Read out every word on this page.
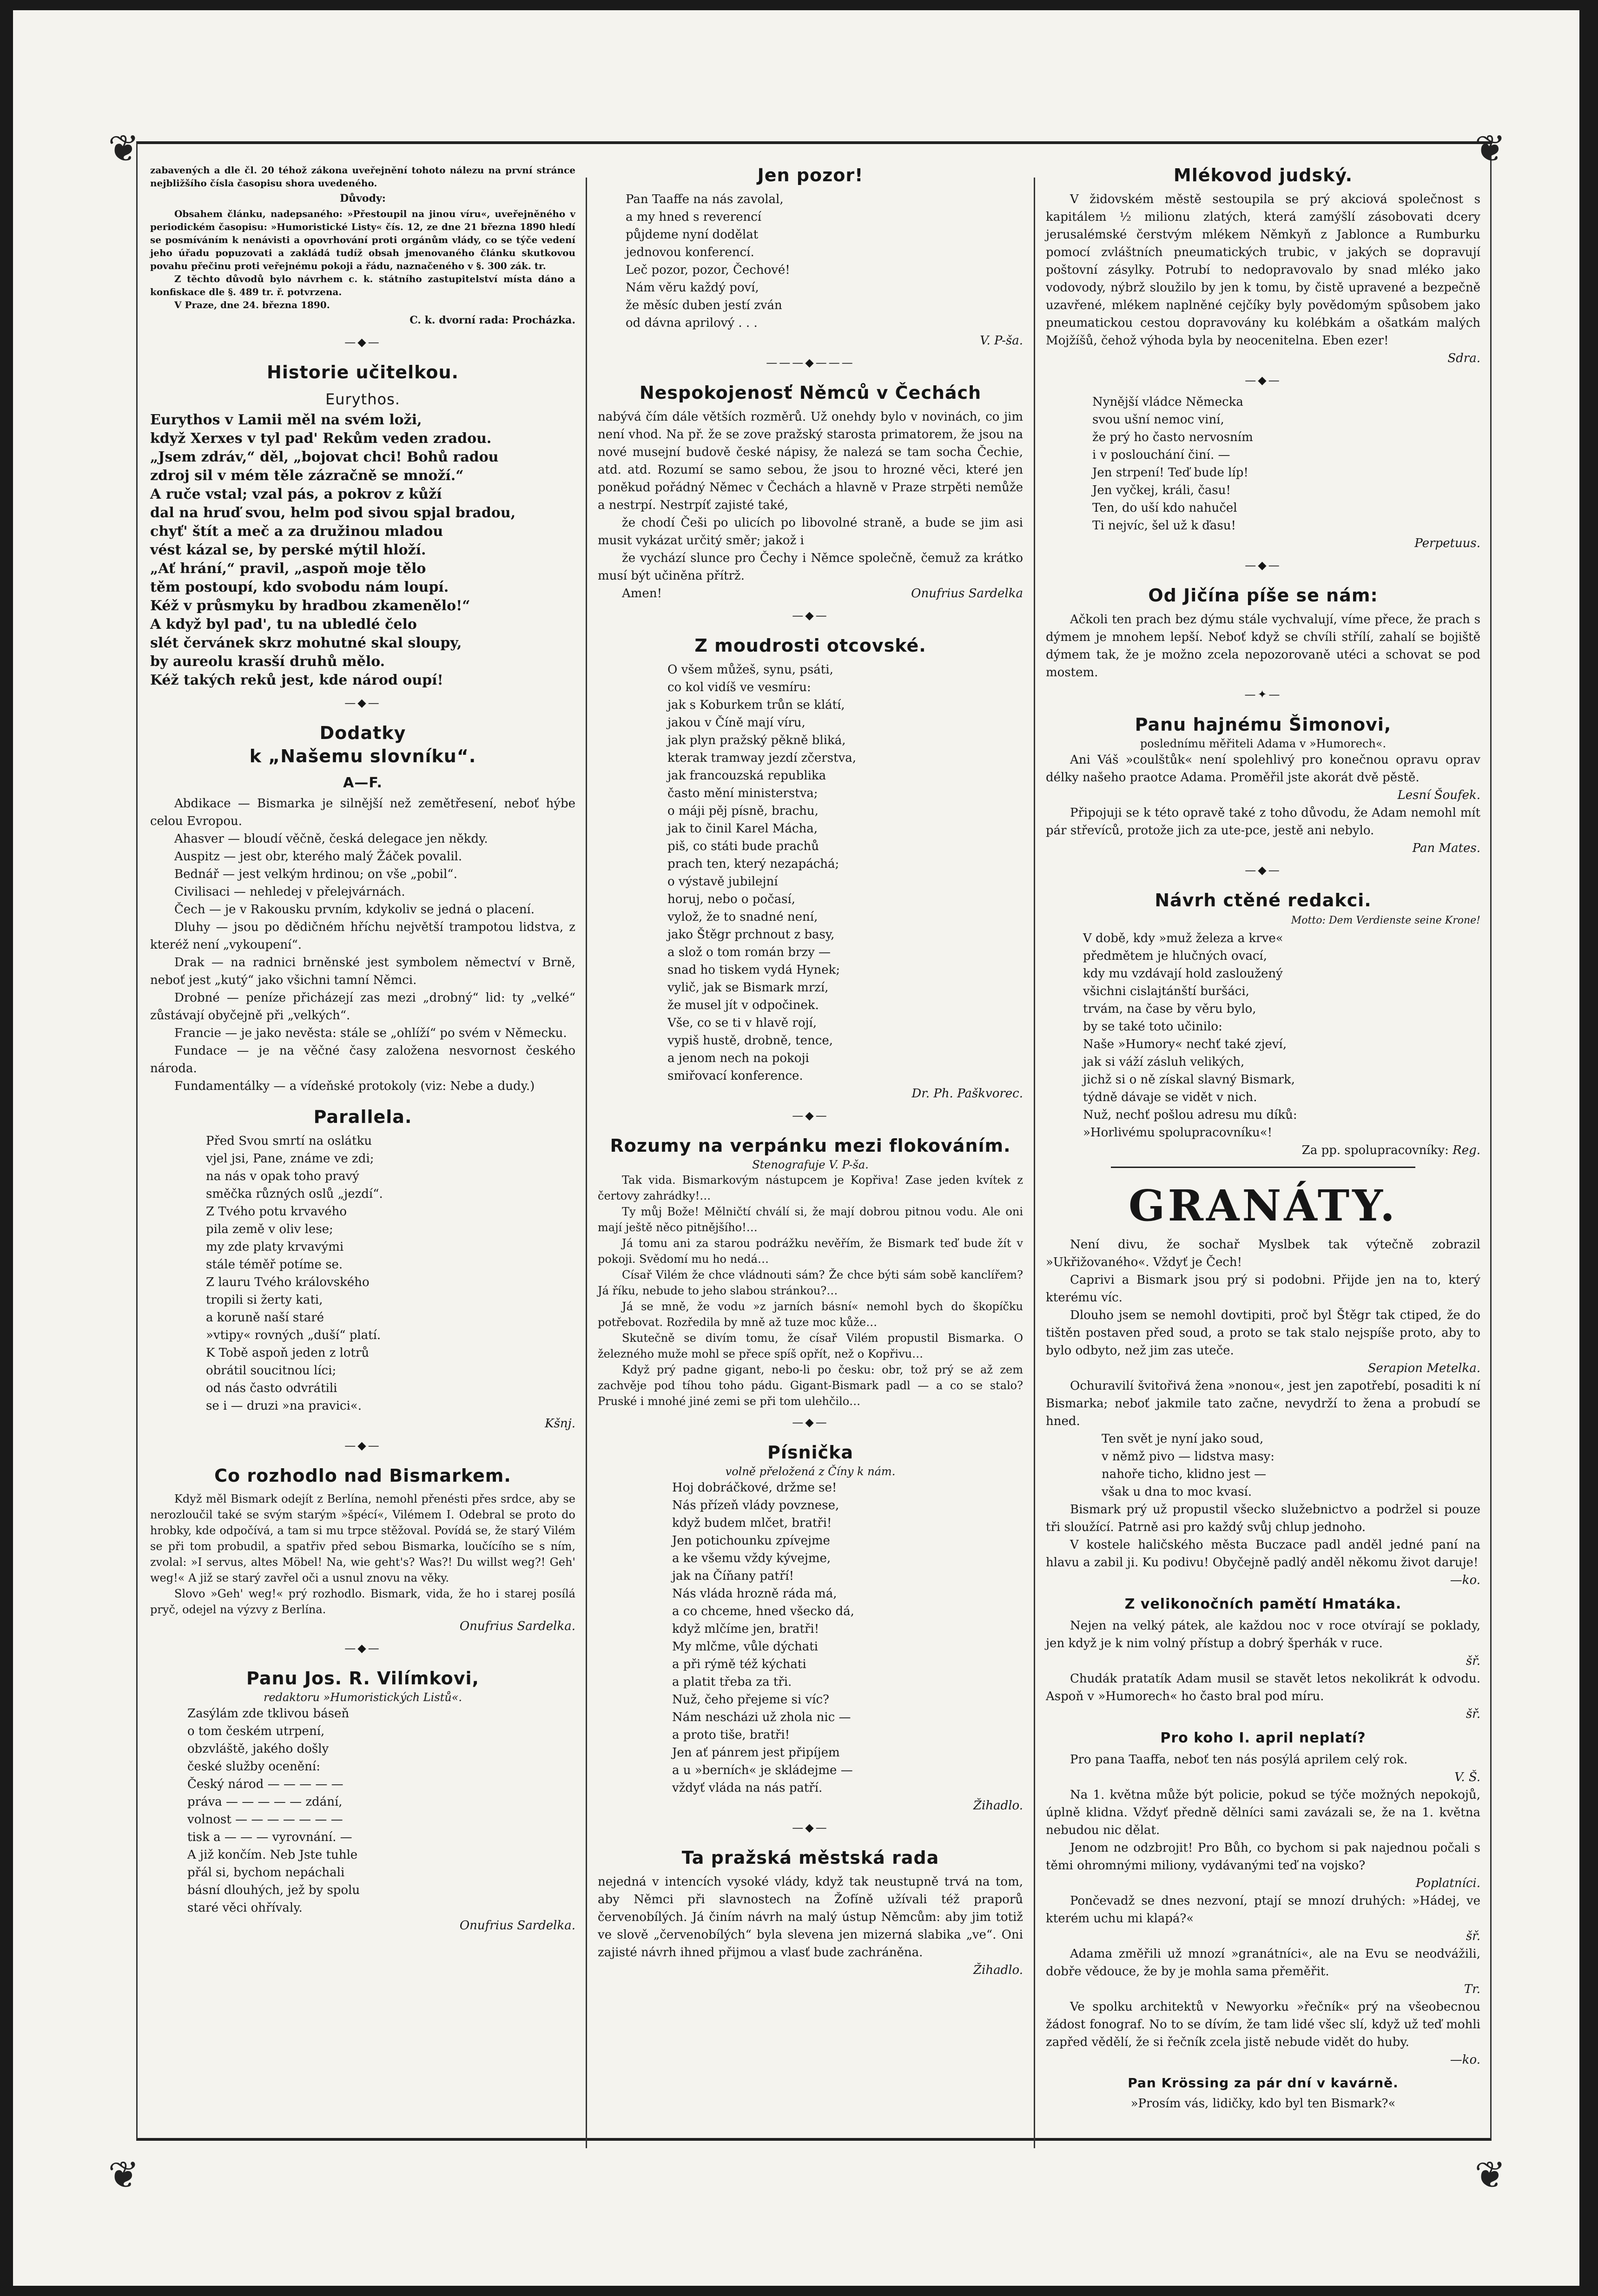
❦	❦
❦	❦

zabavených a dle čl. 20 téhož zákona uveřejnění tohoto nálezu na první stránce nejbližšího čísla časopisu shora uvedeného.

Důvody:

Obsahem článku, nadepsaného: »Přestoupil na jinou víru«, uveřejněného v periodickém časopisu: »Humoristické Listy« čís. 12, ze dne 21 března 1890 hledí se posmíváním k nenávisti a opovrhování proti orgánům vlády, co se týče vedení jeho úřadu popuzovati a zakládá tudíž obsah jmenovaného článku skutkovou povahu přečinu proti veřejnému pokoji a řádu, naznačeného v §. 300 zák. tr.

Z těchto důvodů bylo návrhem c. k. státního zastupitelství místa dáno a konfiskace dle §. 489 tr. ř. potvrzena.

V Praze, dne 24. března 1890.

C. k. dvorní rada: Procházka.
—◆—
Historie učitelkou.
Eurythos.
Eurythos v Lamii měl na svém loži,
když Xerxes v tyl pad' Rekům veden zradou.
„Jsem zdráv,“ děl, „bojovat chci! Bohů radou
zdroj sil v mém těle zázračně se množí.“
A ruče vstal; vzal pás, a pokrov z kůží
dal na hruď svou, helm pod sivou spjal bradou,
chyť' štít a meč a za družinou mladou
vést kázal se, by perské mýtil hloží.
„Ať hrání,“ pravil, „aspoň moje tělo
těm postoupí, kdo svobodu nám loupí.
Kéž v průsmyku by hradbou zkamenělo!“
A když byl pad', tu na ubledlé čelo
slét červánek skrz mohutné skal sloupy,
by aureolu krasší druhů mělo.
Kéž takých reků jest, kde národ oupí!
—◆—
Dodatky
k „Našemu slovníku“.
A—F.

Abdikace — Bismarka je silnější než zemětřesení, neboť hýbe celou Evropou.

Ahasver — bloudí věčně, česká delegace jen někdy.

Auspitz — jest obr, kterého malý Žáček povalil.

Bednář — jest velkým hrdinou; on vše „pobil“.

Civilisaci — nehledej v přelejvárnách.

Čech — je v Rakousku prvním, kdykoliv se jedná o placení.

Dluhy — jsou po dědičném hříchu největší trampotou lidstva, z kteréž není „vykoupení“.

Drak — na radnici brněnské jest symbolem němectví v Brně, neboť jest „kutý“ jako všichni tamní Němci.

Drobné — peníze přicházejí zas mezi „drobný“ lid: ty „velké“ zůstávají obyčejně při „velkých“.

Francie — je jako nevěsta: stále se „ohlíží“ po svém v Německu.

Fundace — je na věčné časy založena nesvornost českého národa.

Fundamentálky — a vídeňské protokoly (viz: Nebe a dudy.)

Parallela.
Před Svou smrtí na oslátku
vjel jsi, Pane, známe ve zdi;
na nás v opak toho pravý
směčka různých oslů „jezdí“.
Z Tvého potu krvavého
pila země v oliv lese;
my zde platy krvavými
stále téměř potíme se.
Z lauru Tvého královského
tropili si žerty kati,
a koruně naší staré
»vtipy« rovných „duší“ platí.
K Tobě aspoň jeden z lotrů
obrátil soucitnou líci;
od nás často odvrátili
se i — druzi »na pravici«.
Kšnj.
—◆—
Co rozhodlo nad Bismarkem.

Když měl Bismark odejít z Berlína, nemohl přenésti přes srdce, aby se nerozloučil také se svým starým »špécí«, Vilémem I. Odebral se proto do hrobky, kde odpočívá, a tam si mu trpce stěžoval. Povídá se, že starý Vilém se při tom probudil, a spatřiv před sebou Bismarka, loučícího se s ním, zvolal: »I servus, altes Möbel! Na, wie geht's? Was?! Du willst weg?! Geh' weg!« A již se starý zavřel oči a usnul znovu na věky.

Slovo »Geh' weg!« prý rozhodlo. Bismark, vida, že ho i starej posílá pryč, odejel na výzvy z Berlína.

Onufrius Sardelka.
—◆—
Panu Jos. R. Vilímkovi,
redaktoru »Humoristických Listů«.
Zasýlám zde tklivou báseň
o tom českém utrpení,
obzvláště, jakého došly
české služby ocenění:
Český národ — — — — —
práva — — — — — zdání,
volnost — — — — — — —
tisk a — — — vyrovnání. —
A již končím. Neb Jste tuhle
přál si, bychom nepáchali
básní dlouhých, jež by spolu
staré věci ohřívaly.
Onufrius Sardelka.
Jen pozor!
Pan Taaffe na nás zavolal,
a my hned s reverencí
půjdeme nyní dodělat
jednovou konferencí.
Leč pozor, pozor, Čechové!
Nám věru každý poví,
že měsíc duben jestí zván
od dávna aprilový . . .
V. P-ša.
———◆———
Nespokojenosť Němců v Čechách

nabývá čím dále větších rozměrů. Už onehdy bylo v novinách, co jim není vhod. Na př. že se zove pražský starosta primatorem, že jsou na nové musejní budově české nápisy, že nalezá se tam socha Čechie, atd. atd. Rozumí se samo sebou, že jsou to hrozné věci, které jen poněkud pořádný Němec v Čechách a hlavně v Praze strpěti nemůže a nestrpí. Nestrpíť zajisté také,

že chodí Češi po ulicích po libovolné straně, a bude se jim asi musit vykázat určitý směr; jakož i

že vychází slunce pro Čechy i Němce společně, čemuž za krátko musí být učiněna přítrž.

Amen!	Onufrius Sardelka
—◆—
Z moudrosti otcovské.
O všem můžeš, synu, psáti,
co kol vidíš ve vesmíru:
jak s Koburkem trůn se klátí,
jakou v Číně mají víru,
jak plyn pražský pěkně bliká,
kterak tramway jezdí zčerstva,
jak francouzská republika
často mění ministerstva;
o máji pěj písně, brachu,
jak to činil Karel Mácha,
piš, co státi bude prachů
prach ten, který nezapáchá;
o výstavě jubilejní
horuj, nebo o počasí,
vylož, že to snadné není,
jako Štěgr prchnout z basy,
a slož o tom román brzy —
snad ho tiskem vydá Hynek;
vylič, jak se Bismark mrzí,
že musel jít v odpočinek.
Vše, co se ti v hlavě rojí,
vypiš hustě, drobně, tence,
a jenom nech na pokoji
smiřovací konference.
Dr. Ph. Paškvorec.
—◆—
Rozumy na verpánku mezi flokováním.
Stenografuje V. P-ša.

Tak vida. Bismarkovým nástupcem je Kopřiva! Zase jeden kvítek z čertovy zahrádky!…

Ty můj Bože! Mělničtí chválí si, že mají dobrou pitnou vodu. Ale oni mají ještě něco pitnějšího!…

Já tomu ani za starou podrážku nevěřím, že Bismark teď bude žít v pokoji. Svědomí mu ho nedá…

Císař Vilém že chce vládnouti sám? Že chce býti sám sobě kanclířem? Já říku, nebude to jeho slabou stránkou?…

Já se mně, že vodu »z jarních básní« nemohl bych do škopíčku potřebovat. Rozředila by mně až tuze moc kůže…

Skutečně se divím tomu, že císař Vilém propustil Bismarka. O železného muže mohl se přece spíš opřít, než o Kopřivu…

Když prý padne gigant, nebo-li po česku: obr, tož prý se až zem zachvěje pod tíhou toho pádu. Gigant-Bismark padl — a co se stalo? Pruské i mnohé jiné zemi se při tom ulehčilo…

—◆—
Písnička
volně přeložená z Číny k nám.
Hoj dobráčkové, držme se!
Nás přízeň vlády povznese,
když budem mlčet, bratři!
Jen potichounku zpívejme
a ke všemu vždy kývejme,
jak na Číňany patří!
Nás vláda hrozně ráda má,
a co chceme, hned všecko dá,
když mlčíme jen, bratři!
My mlčme, vůle dýchati
a při rýmě též kýchati
a platit třeba za tři.
Nuž, čeho přejeme si víc?
Nám nescházi už zhola nic —
a proto tiše, bratři!
Jen ať pánrem jest připíjem
a u »berních« je skládejme —
vždyť vláda na nás patří.
Žihadlo.
—◆—
Ta pražská městská rada

nejedná v intencích vysoké vlády, když tak neustupně trvá na tom, aby Němci při slavnostech na Žofíně užívali též praporů červenobílých. Já činím návrh na malý ústup Němcům: aby jim totiž ve slově „červenobílých“ byla slevena jen mizerná slabika „ve“. Oni zajisté návrh ihned přijmou a vlasť bude zachráněna.

Žihadlo.
Mlékovod judský.

V židovském městě sestoupila se prý akciová společnost s kapitálem ½ milionu zlatých, která zamýšlí zásobovati dcery jerusalémské čerstvým mlékem Němkyň z Jablonce a Rumburku pomocí zvláštních pneumatických trubic, v jakých se dopravují poštovní zásylky. Potrubí to nedopravovalo by snad mléko jako vodovody, nýbrž sloužilo by jen k tomu, by čistě upravené a bezpečně uzavřené, mlékem naplněné cejčíky byly povědomým spůsobem jako pneumatickou cestou dopravovány ku kolébkám a ošatkám malých Mojžíšů, čehož výhoda byla by neocenitelna. Eben ezer!

Sdra.
—◆—
Nynější vládce Německa
svou ušní nemoc viní,
že prý ho často nervosním
i v poslouchání činí. —
Jen strpení! Teď bude líp!
Jen vyčkej, králi, času!
Ten, do uší kdo nahučel
Ti nejvíc, šel už k ďasu!
Perpetuus.
—◆—
Od Jičína píše se nám:

Ačkoli ten prach bez dýmu stále vychvalují, víme přece, že prach s dýmem je mnohem lepší. Neboť když se chvíli střílí, zahalí se bojiště dýmem tak, že je možno zcela nepozorovaně utéci a schovat se pod mostem.

—✦—
Panu hajnému Šimonovi,
poslednímu měřiteli Adama v »Humorech«.

Ani Váš »coulštůk« není spolehlivý pro konečnou opravu oprav délky našeho praotce Adama. Proměřil jste akorát dvě pěstě.

Lesní Šoufek.

Připojuji se k této opravě také z toho důvodu, že Adam nemohl mít pár střevíců, protože jich za ute-pce, jestě ani nebylo.

Pan Mates.
—◆—
Návrh ctěné redakci.
Motto: Dem Verdienste seine Krone!
V době, kdy »muž železa a krve«
předmětem je hlučných ovací,
kdy mu vzdávají hold zasloužený
všichni cislajtánští buršáci,
trvám, na čase by věru bylo,
by se také toto učinilo:
Naše »Humory« nechť také zjeví,
jak si váží zásluh velikých,
jichž si o ně získal slavný Bismark,
týdně dávaje se vidět v nich.
Nuž, nechť pošlou adresu mu díků:
»Horlivému spolupracovníku«!
Za pp. spolupracovníky: Reg.
GRANÁTY.

Není divu, že sochař Myslbek tak výtečně zobrazil »Ukřižovaného«. Vždyť je Čech!

Caprivi a Bismark jsou prý si podobni. Přijde jen na to, který kterému víc.

Dlouho jsem se nemohl dovtipiti, proč byl Štěgr tak ctiped, že do tištěn postaven před soud, a proto se tak stalo nejspíše proto, aby to bylo odbyto, než jim zas uteče.

Serapion Metelka.

Ochuravilí švitořivá žena »nonou«, jest jen zapotřebí, posaditi k ní Bismarka; neboť jakmile tato začne, nevydrží to žena a probudí se hned.

Ten svět je nyní jako soud,
v němž pivo — lidstva masy:
nahoře ticho, klidno jest —
však u dna to moc kvasí.

Bismark prý už propustil všecko služebnictvo a podržel si pouze tři sloužící. Patrně asi pro každý svůj chlup jednoho.

V kostele haličského města Buczace padl anděl jedné paní na hlavu a zabil ji. Ku podivu! Obyčejně padlý anděl někomu život daruje!

—ko.
Z velikonočních pamětí Hmatáka.

Nejen na velký pátek, ale každou noc v roce otvírají se poklady, jen když je k nim volný přístup a dobrý šperhák v ruce.

šř.

Chudák pratatík Adam musil se stavět letos nekolikrát k odvodu. Aspoň v »Humorech« ho často bral pod míru.

šř.
Pro koho I. april neplatí?

Pro pana Taaffa, neboť ten nás posýlá aprilem celý rok.

V. Š.

Na 1. května může být policie, pokud se týče možných nepokojů, úplně klidna. Vždyť předně dělníci sami zavázali se, že na 1. května nebudou nic dělat.

Jenom ne odzbrojit! Pro Bůh, co bychom si pak najednou počali s těmi ohromnými miliony, vydávanými teď na vojsko?

Poplatníci.

Pončevadž se dnes nezvoní, ptají se mnozí druhých: »Hádej, ve kterém uchu mi klapá?«

šř.

Adama změřili už mnozí »granátníci«, ale na Evu se neodvážili, dobře vědouce, že by je mohla sama přeměřit.

Tr.

Ve spolku architektů v Newyorku »řečník« prý na všeobecnou žádost fonograf. No to se dívím, že tam lidé všec slí, když už teď mohli zapřed vědělí, že si řečník zcela jistě nebude vidět do huby.

—ko.
Pan Krössing za pár dní v kavárně.
»Prosím vás, lidičky, kdo byl ten Bismark?«
